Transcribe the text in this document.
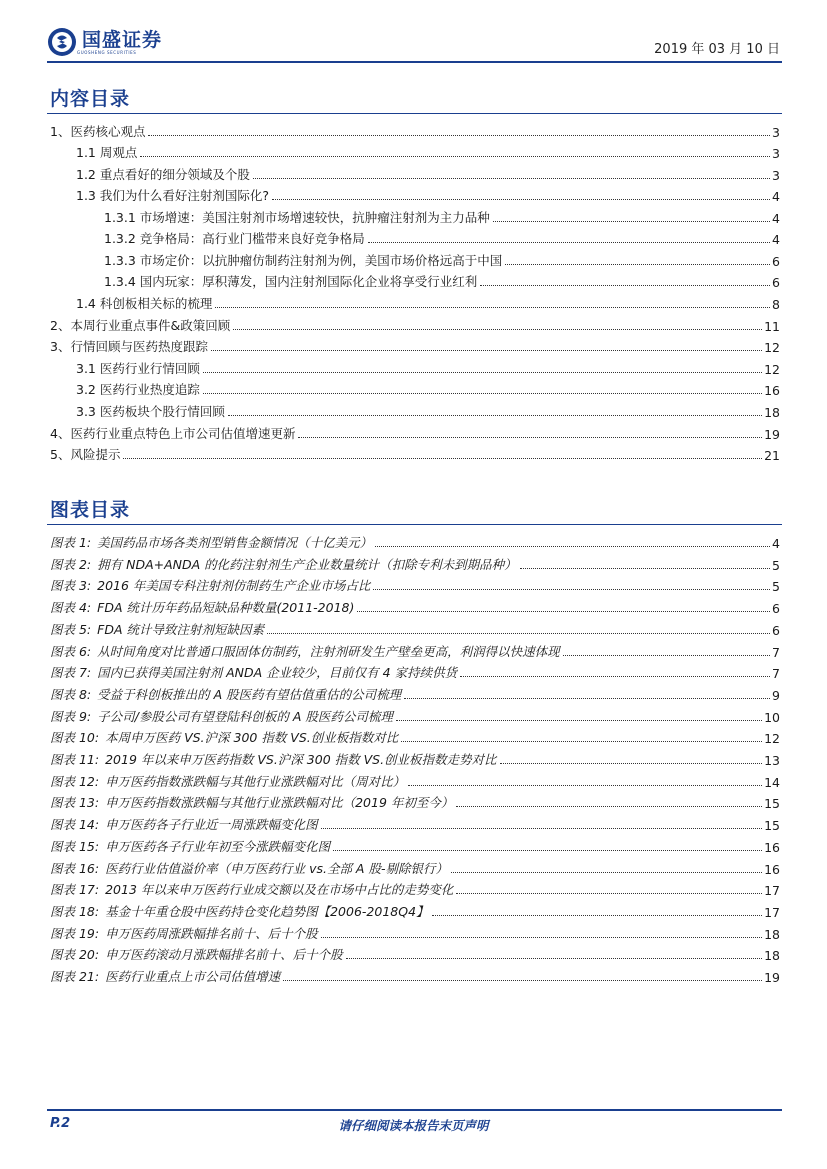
国盛证券
GUOSHENG SECURITIES	2019 年 03 月 10 日
内容目录
1、医药核心观点	3
1.1 周观点	3
1.2 重点看好的细分领域及个股	3
1.3 我们为什么看好注射剂国际化?	4
1.3.1 市场增速：美国注射剂市场增速较快，抗肿瘤注射剂为主力品种	4
1.3.2 竞争格局：高行业门槛带来良好竞争格局	4
1.3.3 市场定价：以抗肿瘤仿制药注射剂为例，美国市场价格远高于中国	6
1.3.4 国内玩家：厚积薄发，国内注射剂国际化企业将享受行业红利	6
1.4 科创板相关标的梳理	8
2、本周行业重点事件&政策回顾	11
3、行情回顾与医药热度跟踪	12
3.1 医药行业行情回顾	12
3.2 医药行业热度追踪	16
3.3 医药板块个股行情回顾	18
4、医药行业重点特色上市公司估值增速更新	19
5、风险提示	21
图表目录
图表 1: 美国药品市场各类剂型销售金额情况（十亿美元）	4
图表 2: 拥有 NDA+ANDA 的化药注射剂生产企业数量统计（扣除专利未到期品种）	5
图表 3: 2016 年美国专科注射剂仿制药生产企业市场占比	5
图表 4: FDA 统计历年药品短缺品种数量(2011-2018)	6
图表 5: FDA 统计导致注射剂短缺因素	6
图表 6: 从时间角度对比普通口服固体仿制药，注射剂研发生产壁垒更高，利润得以快速体现	7
图表 7: 国内已获得美国注射剂 ANDA 企业较少，目前仅有 4 家持续供货	7
图表 8: 受益于科创板推出的 A 股医药有望估值重估的公司梳理	9
图表 9: 子公司/参股公司有望登陆科创板的 A 股医药公司梳理	10
图表 10: 本周申万医药 VS.沪深 300 指数 VS.创业板指数对比	12
图表 11: 2019 年以来申万医药指数 VS.沪深 300 指数 VS.创业板指数走势对比	13
图表 12: 申万医药指数涨跌幅与其他行业涨跌幅对比（周对比）	14
图表 13: 申万医药指数涨跌幅与其他行业涨跌幅对比（2019 年初至今）	15
图表 14: 申万医药各子行业近一周涨跌幅变化图	15
图表 15: 申万医药各子行业年初至今涨跌幅变化图	16
图表 16: 医药行业估值溢价率（申万医药行业 vs.全部 A 股-剔除银行）	16
图表 17: 2013 年以来申万医药行业成交额以及在市场中占比的走势变化	17
图表 18: 基金十年重仓股中医药持仓变化趋势图【2006-2018Q4】	17
图表 19: 申万医药周涨跌幅排名前十、后十个股	18
图表 20: 申万医药滚动月涨跌幅排名前十、后十个股	18
图表 21: 医药行业重点上市公司估值增速	19
P.2	请仔细阅读本报告末页声明
